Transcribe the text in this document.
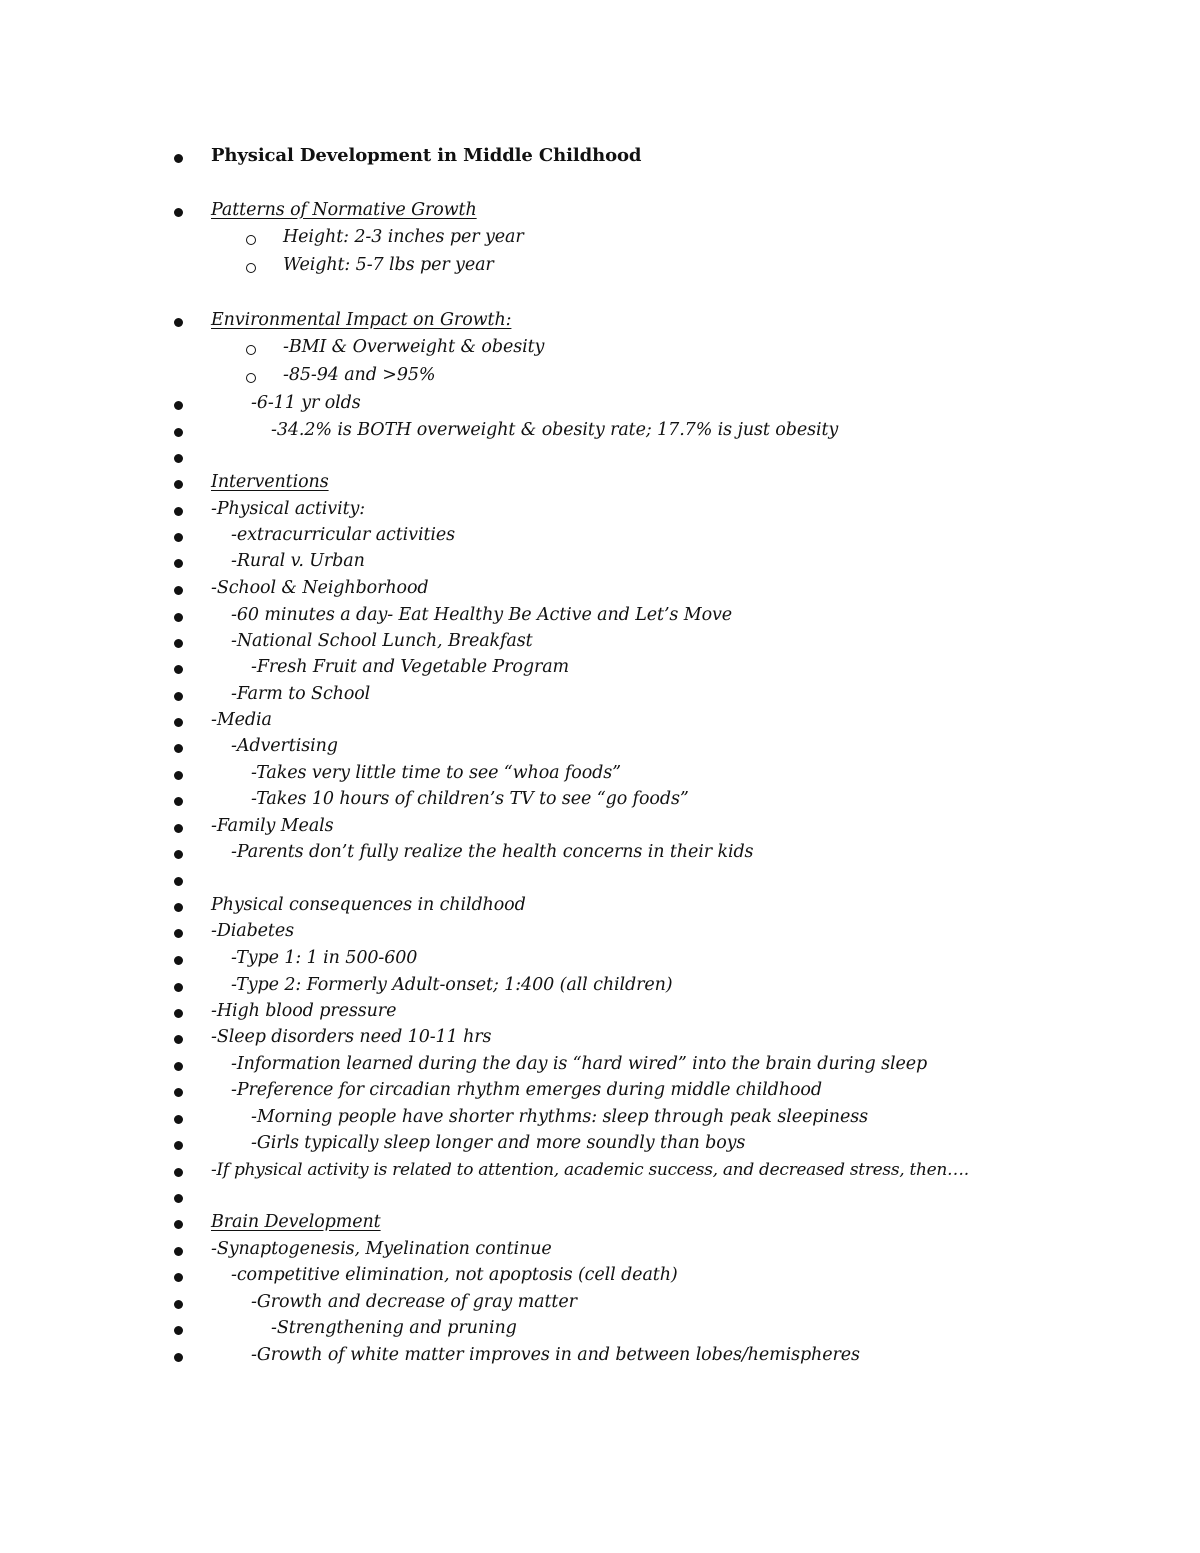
Physical Development in Middle Childhood
Patterns of Normative Growth
Height: 2-3 inches per year
Weight: 5-7 lbs per year
Environmental Impact on Growth:
-BMI & Overweight & obesity
-85-94 and >95%
-6-11 yr olds
-34.2% is BOTH overweight & obesity rate; 17.7% is just obesity
Interventions
-Physical activity:
-extracurricular activities
-Rural v. Urban
-School & Neighborhood
-60 minutes a day- Eat Healthy Be Active and Let’s Move
-National School Lunch, Breakfast
-Fresh Fruit and Vegetable Program
-Farm to School
-Media
-Advertising
-Takes very little time to see “whoa foods”
-Takes 10 hours of children’s TV to see “go foods”
-Family Meals
-Parents don’t fully realize the health concerns in their kids
Physical consequences in childhood
-Diabetes
-Type 1: 1 in 500-600
-Type 2: Formerly Adult-onset; 1:400 (all children)
-High blood pressure
-Sleep disorders need 10-11 hrs
-Information learned during the day is “hard wired” into the brain during sleep
-Preference for circadian rhythm emerges during middle childhood
-Morning people have shorter rhythms: sleep through peak sleepiness
-Girls typically sleep longer and more soundly than boys
-If physical activity is related to attention, academic success, and decreased stress, then….
Brain Development
-Synaptogenesis, Myelination continue
-competitive elimination, not apoptosis (cell death)
-Growth and decrease of gray matter
-Strengthening and pruning
-Growth of white matter improves in and between lobes/hemispheres
